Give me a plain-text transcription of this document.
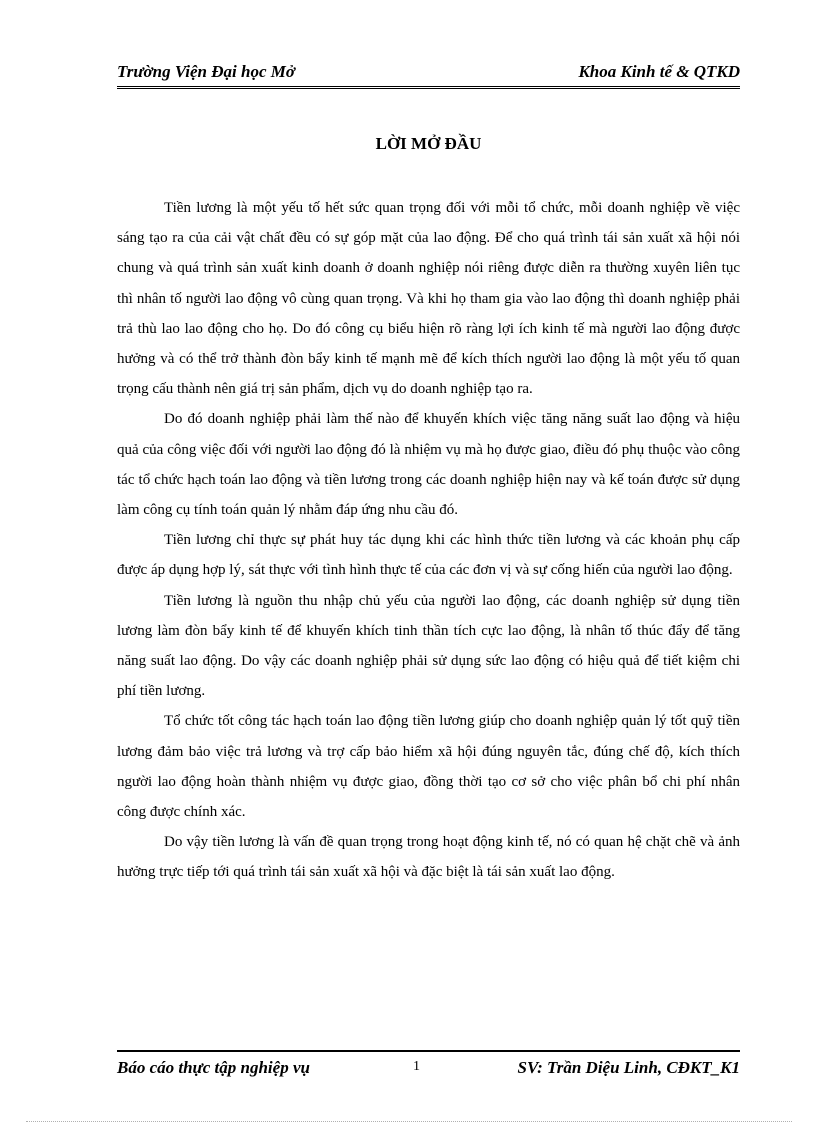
Trường Viện Đại học Mở	Khoa Kinh tế & QTKD
LỜI MỞ ĐẦU

Tiền lương là một yếu tố hết sức quan trọng đối với mỗi tổ chức, mỗi doanh nghiệp về việc sáng tạo ra của cải vật chất đều có sự góp mặt của lao động. Để cho quá trình tái sản xuất xã hội nói chung và quá trình sản xuất kinh doanh ở doanh nghiệp nói riêng được diễn ra thường xuyên liên tục thì nhân tố người lao động vô cùng quan trọng. Và khi họ tham gia vào lao động thì doanh nghiệp phải trả thù lao lao động cho họ. Do đó công cụ biểu hiện rõ ràng lợi ích kinh tế mà người lao động được hưởng và có thể trở thành đòn bẩy kinh tế mạnh mẽ để kích thích người lao động là một yếu tố quan trọng cấu thành nên giá trị sản phẩm, dịch vụ do doanh nghiệp tạo ra.

Do đó doanh nghiệp phải làm thế nào để khuyến khích việc tăng năng suất lao động và hiệu quả của công việc đối với người lao động đó là nhiệm vụ mà họ được giao, điều đó phụ thuộc vào công tác tổ chức hạch toán lao động và tiền lương trong các doanh nghiệp hiện nay và kế toán được sử dụng làm công cụ tính toán quản lý nhằm đáp ứng nhu cầu đó.

Tiền lương chỉ thực sự phát huy tác dụng khi các hình thức tiền lương và các khoản phụ cấp được áp dụng hợp lý, sát thực với tình hình thực tế của các đơn vị và sự cống hiến của người lao động.

Tiền lương là nguồn thu nhập chủ yếu của người lao động, các doanh nghiệp sử dụng tiền lương làm đòn bẩy kinh tế để khuyến khích tinh thần tích cực lao động, là nhân tố thúc đẩy để tăng năng suất lao động. Do vậy các doanh nghiệp phải sử dụng sức lao động có hiệu quả để tiết kiệm chi phí tiền lương.

Tổ chức tốt công tác hạch toán lao động tiền lương giúp cho doanh nghiệp quản lý tốt quỹ tiền lương đảm bảo việc trả lương và trợ cấp bảo hiểm xã hội đúng nguyên tắc, đúng chế độ, kích thích người lao động hoàn thành nhiệm vụ được giao, đồng thời tạo cơ sở cho việc phân bổ chi phí nhân công được chính xác.

Do vậy tiền lương là vấn đề quan trọng trong hoạt động kinh tế, nó có quan hệ chặt chẽ và ảnh hưởng trực tiếp tới quá trình tái sản xuất xã hội và đặc biệt là tái sản xuất lao động.

Báo cáo thực tập nghiệp vụ	1	SV: Trần Diệu Linh, CĐKT_K1
